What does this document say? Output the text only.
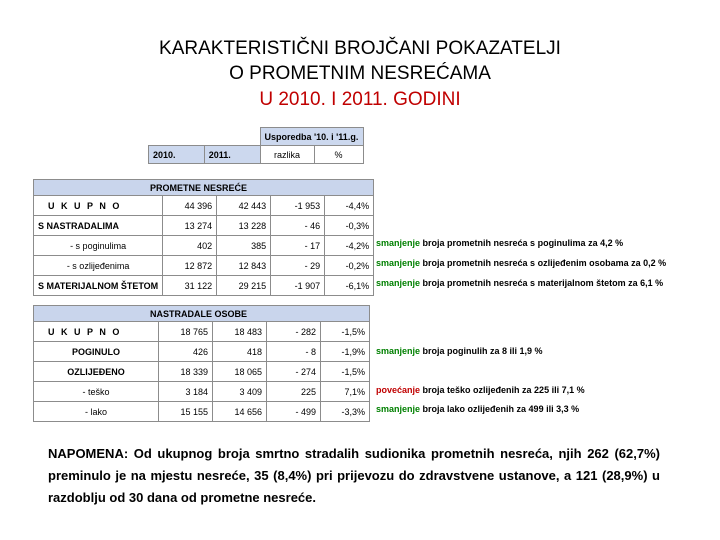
KARAKTERISTIČNI BROJČANI POKAZATELJI
O PROMETNIM NESREĆAMA
U 2010. I 2011. GODINI
		Usporedba '10. i '11.g.	
2010.	2011.	razlika	%
PROMETNE NESREĆE				
U K U P N O	44 396	42 443	-1 953	-4,4%
S NASTRADALIMA	13 274	13 228	- 46	-0,3%
- s poginulima	402	385	- 17	-4,2%
- s ozlijeđenima	12 872	12 843	- 29	-0,2%
S MATERIJALNOM ŠTETOM	31 122	29 215	-1 907	-6,1%
NASTRADALE OSOBE				
U K U P N O	18 765	18 483	- 282	-1,5%
POGINULO	426	418	- 8	-1,9%
OZLIJEĐENO	18 339	18 065	- 274	-1,5%
- teško	3 184	3 409	225	7,1%
- lako	15 155	14 656	- 499	-3,3%
smanjenje broja prometnih nesreća s poginulima za 4,2 %
smanjenje broja prometnih nesreća s ozlijeđenim osobama za 0,2 %
smanjenje broja prometnih nesreća s materijalnom štetom za 6,1 %
smanjenje broja poginulih za 8 ili 1,9 %
povećanje broja teško ozlijeđenih za 225 ili 7,1 %
smanjenje broja lako ozlijeđenih za 499 ili 3,3 %
NAPOMENA: Od ukupnog broja smrtno stradalih sudionika prometnih nesreća, njih 262 (62,7%) preminulo je na mjestu nesreće, 35 (8,4%) pri prijevozu do zdravstvene ustanove, a 121 (28,9%) u razdoblju od 30 dana od prometne nesreće.
